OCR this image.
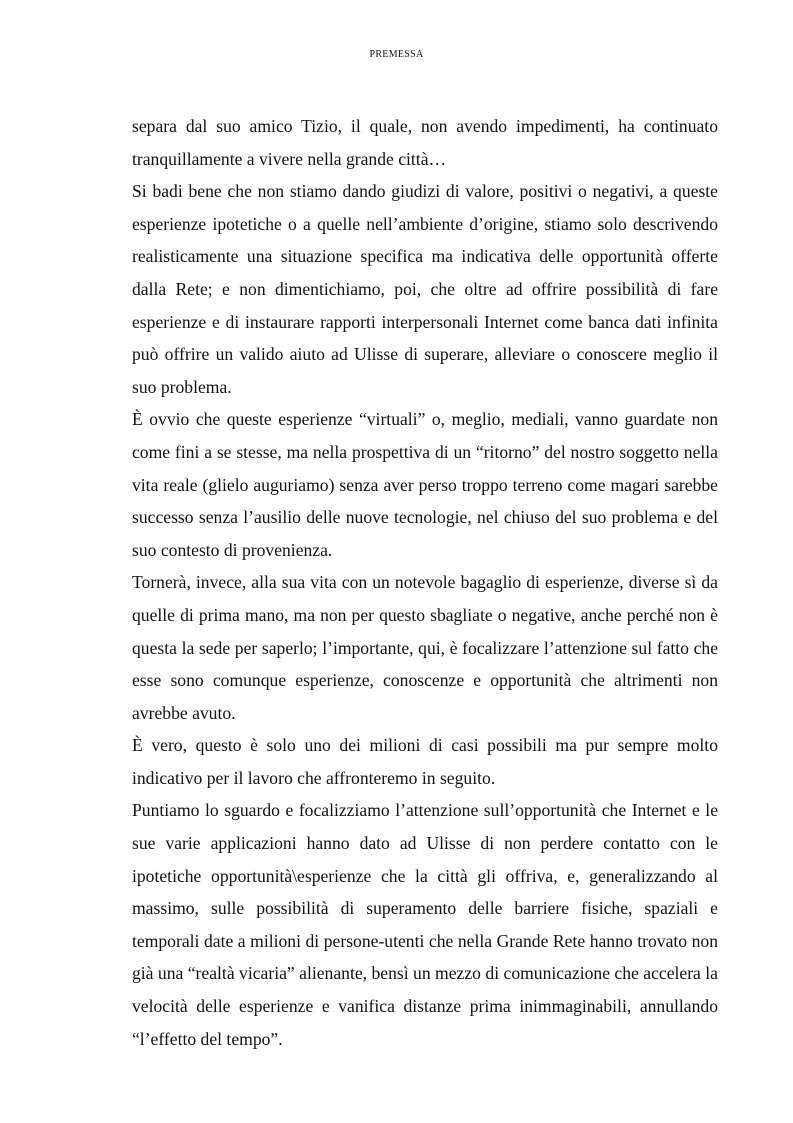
PREMESSA

separa dal suo amico Tizio, il quale, non avendo impedimenti, ha continuato tranquillamente a vivere nella grande città…

Si badi bene che non stiamo dando giudizi di valore, positivi o negativi, a queste esperienze ipotetiche o a quelle nell’ambiente d’origine, stiamo solo descrivendo realisticamente una situazione specifica ma indicativa delle opportunità offerte dalla Rete; e non dimentichiamo, poi, che oltre ad offrire possibilità di fare esperienze e di instaurare rapporti interpersonali Internet come banca dati infinita può offrire un valido aiuto ad Ulisse di superare, alleviare o conoscere meglio il suo problema.

È ovvio che queste esperienze “virtuali” o, meglio, mediali, vanno guardate non come fini a se stesse, ma nella prospettiva di un “ritorno” del nostro soggetto nella vita reale (glielo auguriamo) senza aver perso troppo terreno come magari sarebbe successo senza l’ausilio delle nuove tecnologie, nel chiuso del suo problema e del suo contesto di provenienza.

Tornerà, invece, alla sua vita con un notevole bagaglio di esperienze, diverse sì da quelle di prima mano, ma non per questo sbagliate o negative, anche perché non è questa la sede per saperlo; l’importante, qui, è focalizzare l’attenzione sul fatto che esse sono comunque esperienze, conoscenze e opportunità che altrimenti non avrebbe avuto.

È vero, questo è solo uno dei milioni di casi possibili ma pur sempre molto indicativo per il lavoro che affronteremo in seguito.

Puntiamo lo sguardo e focalizziamo l’attenzione sull’opportunità che Internet e le sue varie applicazioni hanno dato ad Ulisse di non perdere contatto con le ipotetiche opportunità\esperienze che la città gli offriva, e, generalizzando al massimo, sulle possibilità di superamento delle barriere fisiche, spaziali e temporali date a milioni di persone-utenti che nella Grande Rete hanno trovato non già una “realtà vicaria” alienante, bensì un mezzo di comunicazione che accelera la velocità delle esperienze e vanifica distanze prima inimmaginabili, annullando “l’effetto del tempo”.
